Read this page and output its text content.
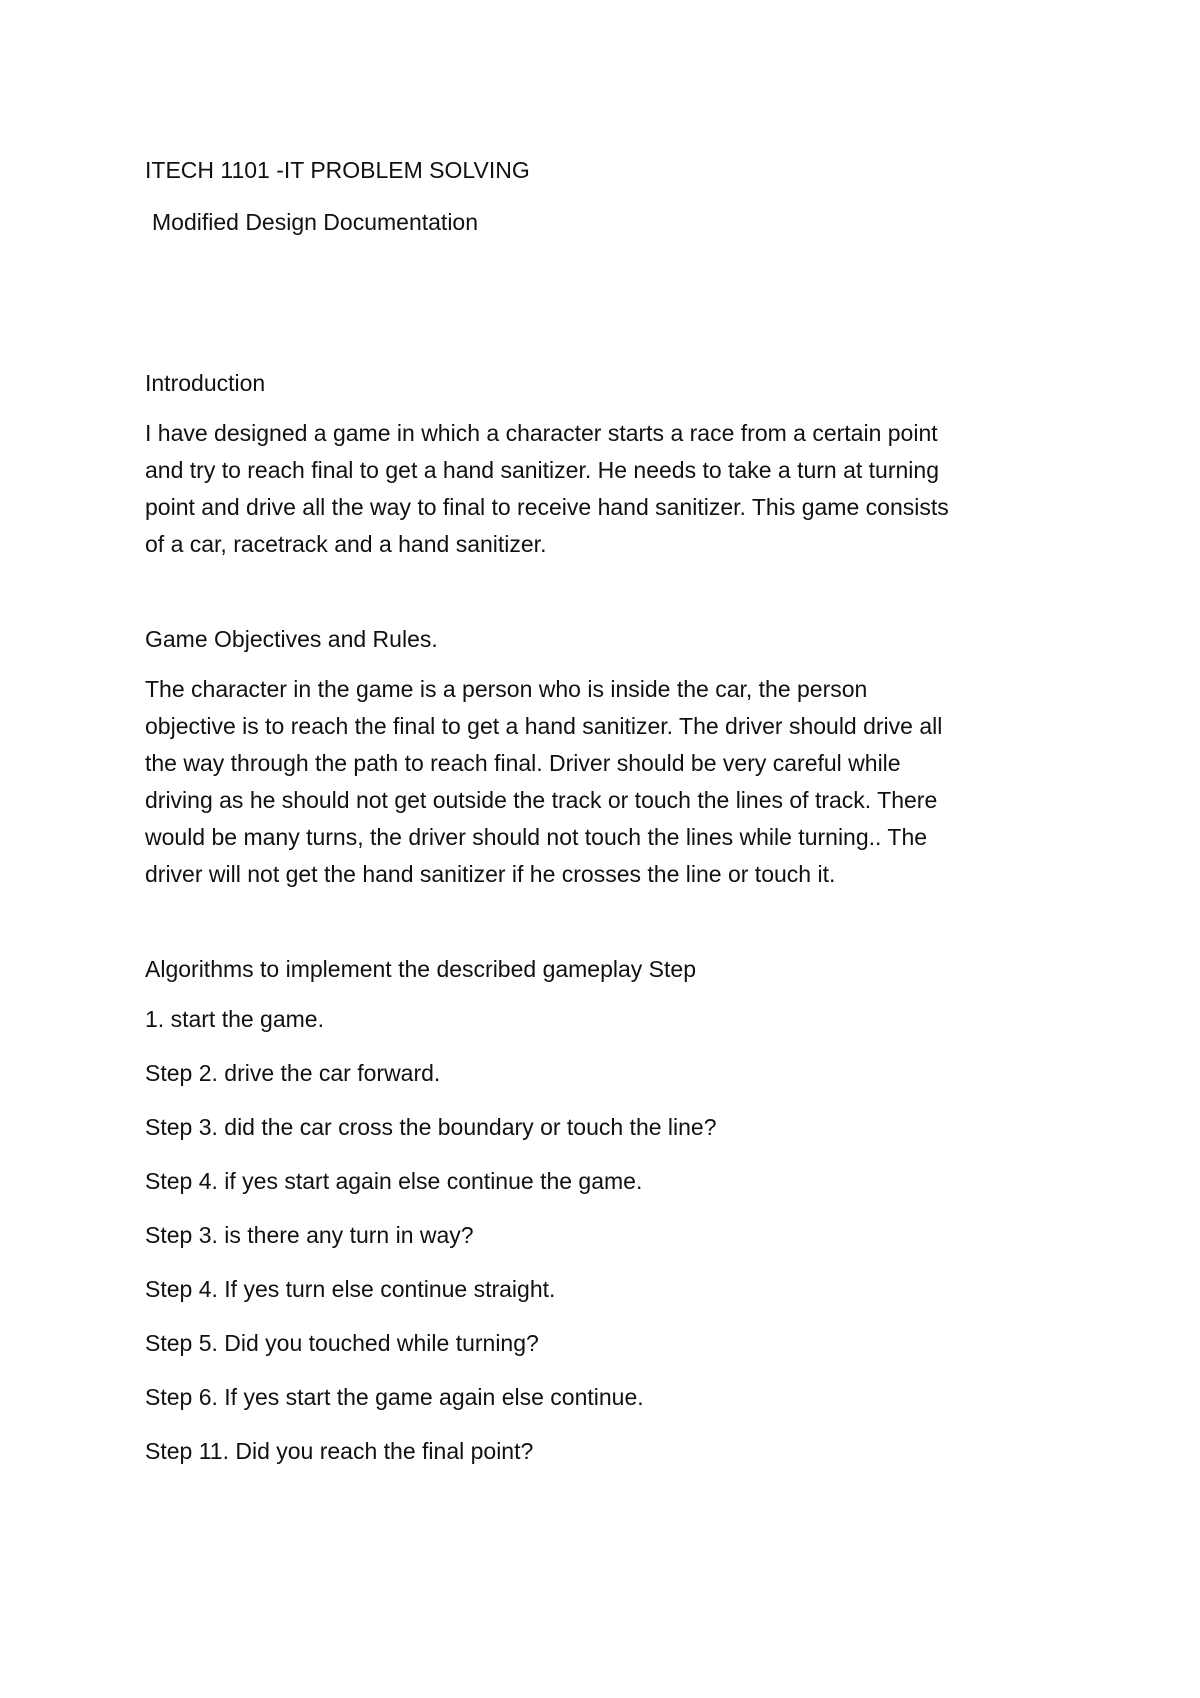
ITECH 1101 -IT PROBLEM SOLVING

Modified Design Documentation

Introduction

I have designed a game in which a character starts a race from a certain point
and try to reach final to get a hand sanitizer. He needs to take a turn at turning
point and drive all the way to final to receive hand sanitizer. This game consists
of a car, racetrack and a hand sanitizer.

Game Objectives and Rules.

The character in the game is a person who is inside the car, the person
objective is to reach the final to get a hand sanitizer. The driver should drive all
the way through the path to reach final. Driver should be very careful while
driving as he should not get outside the track or touch the lines of track. There
would be many turns, the driver should not touch the lines while turning.. The
driver will not get the hand sanitizer if he crosses the line or touch it.

Algorithms to implement the described gameplay Step

1. start the game.

Step 2. drive the car forward.

Step 3. did the car cross the boundary or touch the line?

Step 4. if yes start again else continue the game.

Step 3. is there any turn in way?

Step 4. If yes turn else continue straight.

Step 5. Did you touched while turning?

Step 6. If yes start the game again else continue.

Step 11. Did you reach the final point?
